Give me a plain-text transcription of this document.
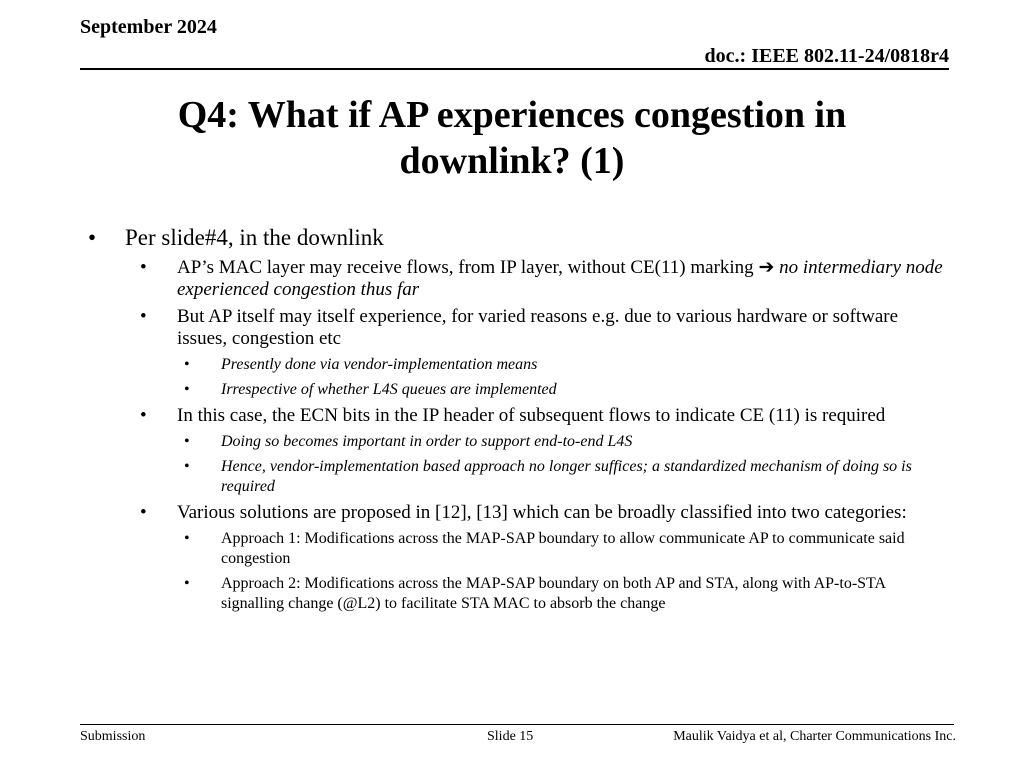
September 2024
doc.: IEEE 802.11-24/0818r4
Q4: What if AP experiences congestion in
downlink? (1)
• Per slide#4, in the downlink
• AP’s MAC layer may receive flows, from IP layer, without CE(11) marking ➔ no intermediary node experienced congestion thus far
• But AP itself may itself experience, for varied reasons e.g. due to various hardware or software issues, congestion etc
• Presently done via vendor-implementation means
• Irrespective of whether L4S queues are implemented
• In this case, the ECN bits in the IP header of subsequent flows to indicate CE (11) is required
• Doing so becomes important in order to support end-to-end L4S
• Hence, vendor-implementation based approach no longer suffices; a standardized mechanism of doing so is required
• Various solutions are proposed in [12], [13] which can be broadly classified into two categories:
• Approach 1: Modifications across the MAP-SAP boundary to allow communicate AP to communicate said congestion
• Approach 2: Modifications across the MAP-SAP boundary on both AP and STA, along with AP-to-STA signalling change (@L2) to facilitate STA MAC to absorb the change
Submission	Slide 15	Maulik Vaidya et al, Charter Communications Inc.
